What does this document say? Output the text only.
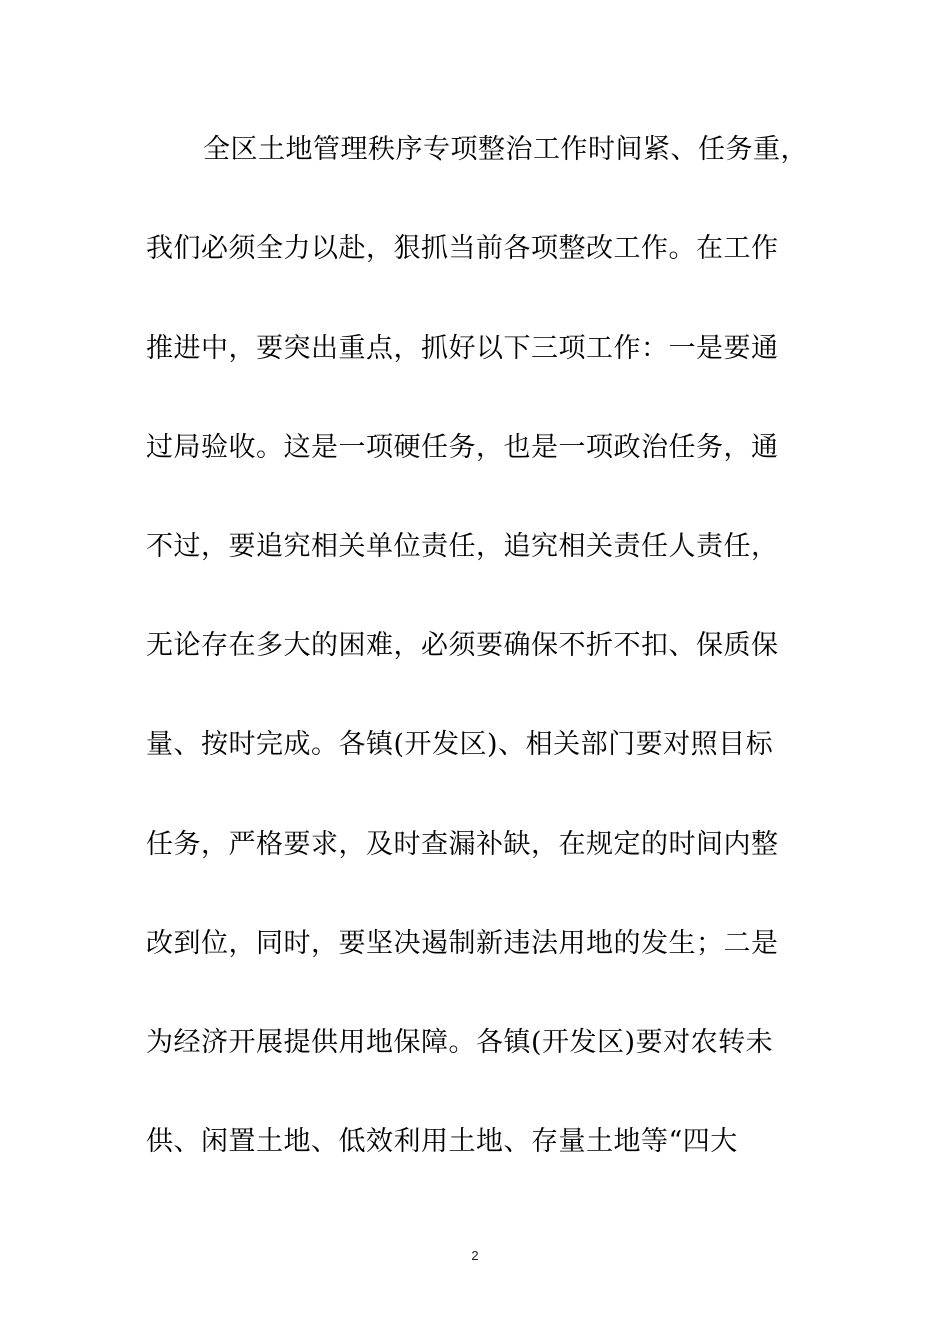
全区土地管理秩序专项整治工作时间紧、任务重，
我们必须全力以赴，狠抓当前各项整改工作。在工作
推进中，要突出重点，抓好以下三项工作：一是要通
过局验收。这是一项硬任务，也是一项政治任务，通
不过，要追究相关单位责任，追究相关责任人责任，
无论存在多大的困难，必须要确保不折不扣、保质保
量、按时完成。各镇(开发区)、相关部门要对照目标
任务，严格要求，及时查漏补缺，在规定的时间内整
改到位，同时，要坚决遏制新违法用地的发生；二是
为经济开展提供用地保障。各镇(开发区)要对农转未
供、闲置土地、低效利用土地、存量土地等“四大
2
